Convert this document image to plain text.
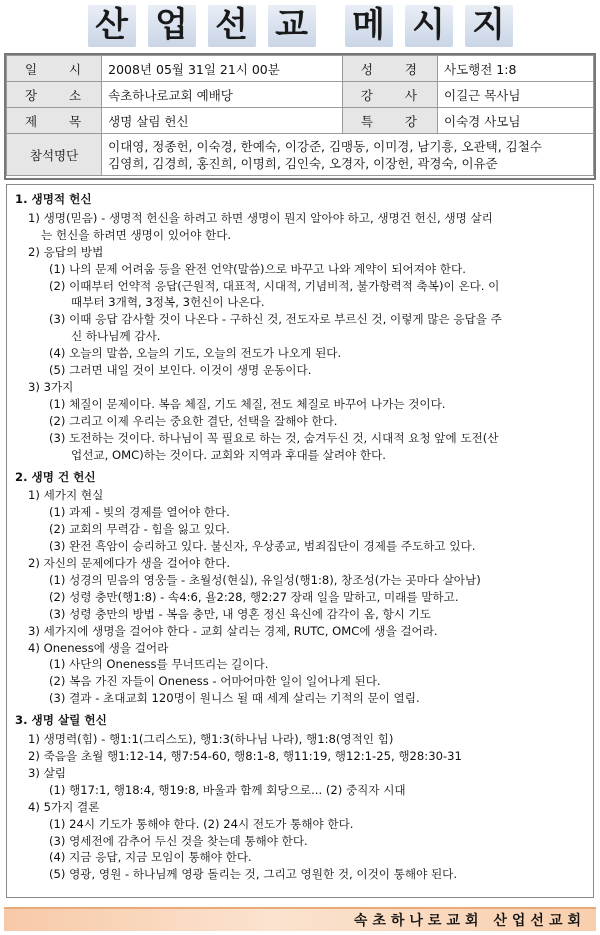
산 업 선 교 메 시 지
일 시	2008년 05월 31일 21시 00분	성 경	사도행전 1:8
장 소	속초하나로교회 예배당	강 사	이길근 목사님
제 목	생명 살림 헌신	특 강	이숙경 사모님
참석명단	이대영, 정종헌, 이숙경, 한예숙, 이강준, 김맹동, 이미경, 남기흥, 오관택, 김철수
김영희, 김경희, 홍진희, 이명희, 김인숙, 오경자, 이장헌, 곽경숙, 이유준		
1. 생명적 헌신
1) 생명(믿음) - 생명적 헌신을 하려고 하면 생명이 뭔지 알아야 하고, 생명건 헌신, 생명 살리
는 헌신을 하려면 생명이 있어야 한다.
2) 응답의 방법
(1) 나의 문제 어려움 등을 완전 언약(말씀)으로 바꾸고 나와 계약이 되어져야 한다.
(2) 이때부터 언약적 응답(근원적, 대표적, 시대적, 기념비적, 불가항력적 축복)이 온다. 이
때부터 3개혁, 3정복, 3헌신이 나온다.
(3) 이때 응답 감사할 것이 나온다 - 구하신 것, 전도자로 부르신 것, 이렇게 많은 응답을 주
신 하나님께 감사.
(4) 오늘의 말씀, 오늘의 기도, 오늘의 전도가 나오게 된다.
(5) 그러면 내일 것이 보인다. 이것이 생명 운동이다.
3) 3가지
(1) 체질이 문제이다. 복음 체질, 기도 체질, 전도 체질로 바꾸어 나가는 것이다.
(2) 그리고 이제 우리는 중요한 결단, 선택을 잘해야 한다.
(3) 도전하는 것이다. 하나님이 꼭 필요로 하는 것, 숨겨두신 것, 시대적 요청 앞에 도전(산
업선교, OMC)하는 것이다. 교회와 지역과 후대를 살려야 한다.
2. 생명 건 헌신
1) 세가지 현실
(1) 과제 - 빚의 경제를 열어야 한다.
(2) 교회의 무력감 - 힘을 잃고 있다.
(3) 완전 흑암이 승리하고 있다. 불신자, 우상종교, 범죄집단이 경제를 주도하고 있다.
2) 자신의 문제에다가 생을 걸어야 한다.
(1) 성경의 믿음의 영웅들 - 초월성(현실), 유일성(행1:8), 창조성(가는 곳마다 살아남)
(2) 성령 충만(행1:8) - 속4:6, 욜2:28, 행2:27 장래 일을 말하고, 미래를 말하고.
(3) 성령 충만의 방법 - 복음 충만, 내 영혼 정신 육신에 감각이 옴, 항시 기도
3) 세가지에 생명을 걸어야 한다 - 교회 살리는 경제, RUTC, OMC에 생을 걸어라.
4) Oneness에 생을 걸어라
(1) 사단의 Oneness를 무너뜨리는 길이다.
(2) 복음 가진 자들이 Oneness - 어마어마한 일이 일어나게 된다.
(3) 결과 - 초대교회 120명이 원니스 될 때 세계 살리는 기적의 문이 열림.
3. 생명 살릴 헌신
1) 생명력(힘) - 행1:1(그리스도), 행1:3(하나님 나라), 행1:8(영적인 힘)
2) 죽음을 초월 행1:12-14, 행7:54-60, 행8:1-8, 행11:19, 행12:1-25, 행28:30-31
3) 살림
(1) 행17:1, 행18:4, 행19:8, 바울과 함께 회당으로... (2) 중직자 시대
4) 5가지 결론
(1) 24시 기도가 통해야 한다. (2) 24시 전도가 통해야 한다.
(3) 영세전에 감추어 두신 것을 찾는데 통해야 한다.
(4) 지금 응답, 지금 모임이 통해야 한다.
(5) 영광, 영원 - 하나님께 영광 돌리는 것, 그리고 영원한 것, 이것이 통해야 된다.
속초하나로교회 산업선교회
